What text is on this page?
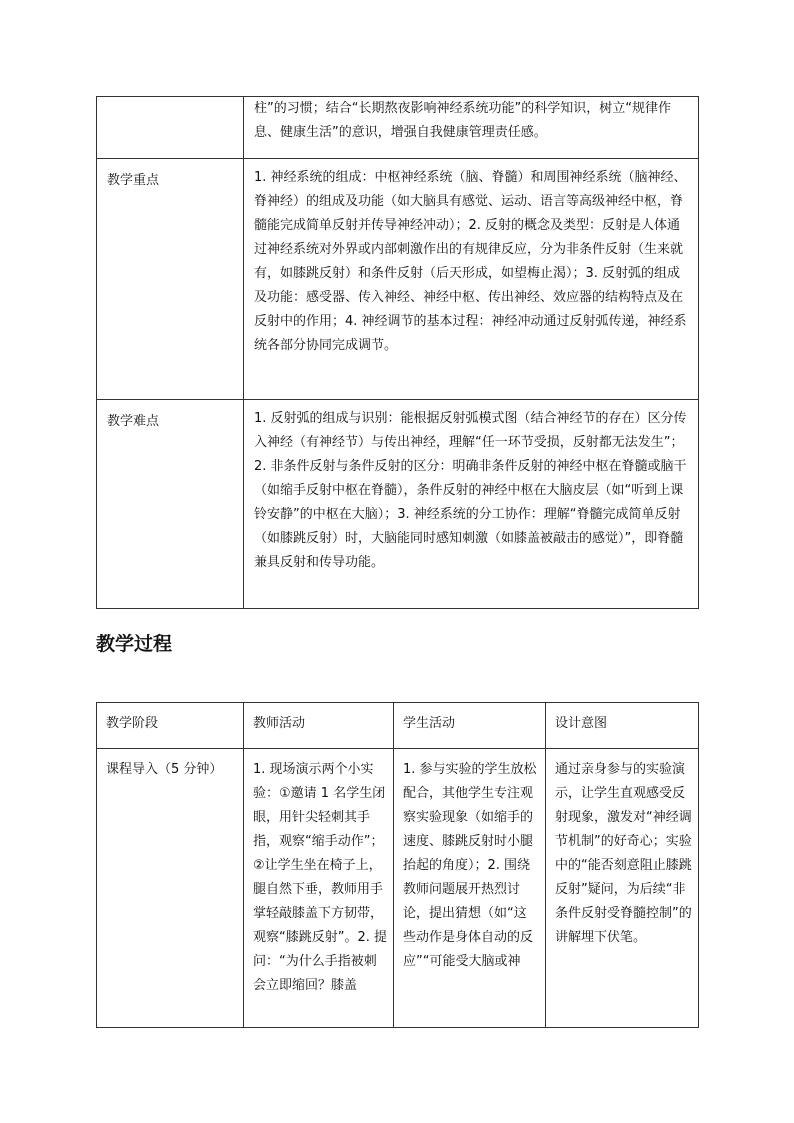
	柱”的习惯；结合“长期熬夜影响神经系统功能”的科学知识，树立“规律作息、健康生活”的意识，增强自我健康管理责任感。

教学重点	1. 神经系统的组成：中枢神经系统（脑、脊髓）和周围神经系统（脑神经、脊神经）的组成及功能（如大脑具有感觉、运动、语言等高级神经中枢，脊髓能完成简单反射并传导神经冲动）；2. 反射的概念及类型：反射是人体通过神经系统对外界或内部刺激作出的有规律反应，分为非条件反射（生来就有，如膝跳反射）和条件反射（后天形成，如望梅止渴）；3. 反射弧的组成及功能：感受器、传入神经、神经中枢、传出神经、效应器的结构特点及在反射中的作用；4. 神经调节的基本过程：神经冲动通过反射弧传递，神经系统各部分协同完成调节。

教学难点	1. 反射弧的组成与识别：能根据反射弧模式图（结合神经节的存在）区分传入神经（有神经节）与传出神经，理解“任一环节受损，反射都无法发生”；2. 非条件反射与条件反射的区分：明确非条件反射的神经中枢在脊髓或脑干（如缩手反射中枢在脊髓），条件反射的神经中枢在大脑皮层（如“听到上课铃安静”的中枢在大脑）；3. 神经系统的分工协作：理解“脊髓完成简单反射（如膝跳反射）时，大脑能同时感知刺激（如膝盖被敲击的感觉）”，即脊髓兼具反射和传导功能。
教学过程
教学阶段	教师活动	学生活动	设计意图

课程导入（5 分钟）	1. 现场演示两个小实验：①邀请 1 名学生闭眼，用针尖轻刺其手指，观察“缩手动作”；②让学生坐在椅子上，腿自然下垂，教师用手掌轻敲膝盖下方韧带，观察“膝跳反射”。2. 提问：“为什么手指被刺会立即缩回？膝盖	1. 参与实验的学生放松配合，其他学生专注观察实验现象（如缩手的速度、膝跳反射时小腿抬起的角度）；2. 围绕教师问题展开热烈讨论，提出猜想（如“这些动作是身体自动的反应”“可能受大脑或神	通过亲身参与的实验演示，让学生直观感受反射现象，激发对“神经调节机制”的好奇心；实验中的“能否刻意阻止膝跳反射”疑问，为后续“非条件反射受脊髓控制”的讲解埋下伏笔。
